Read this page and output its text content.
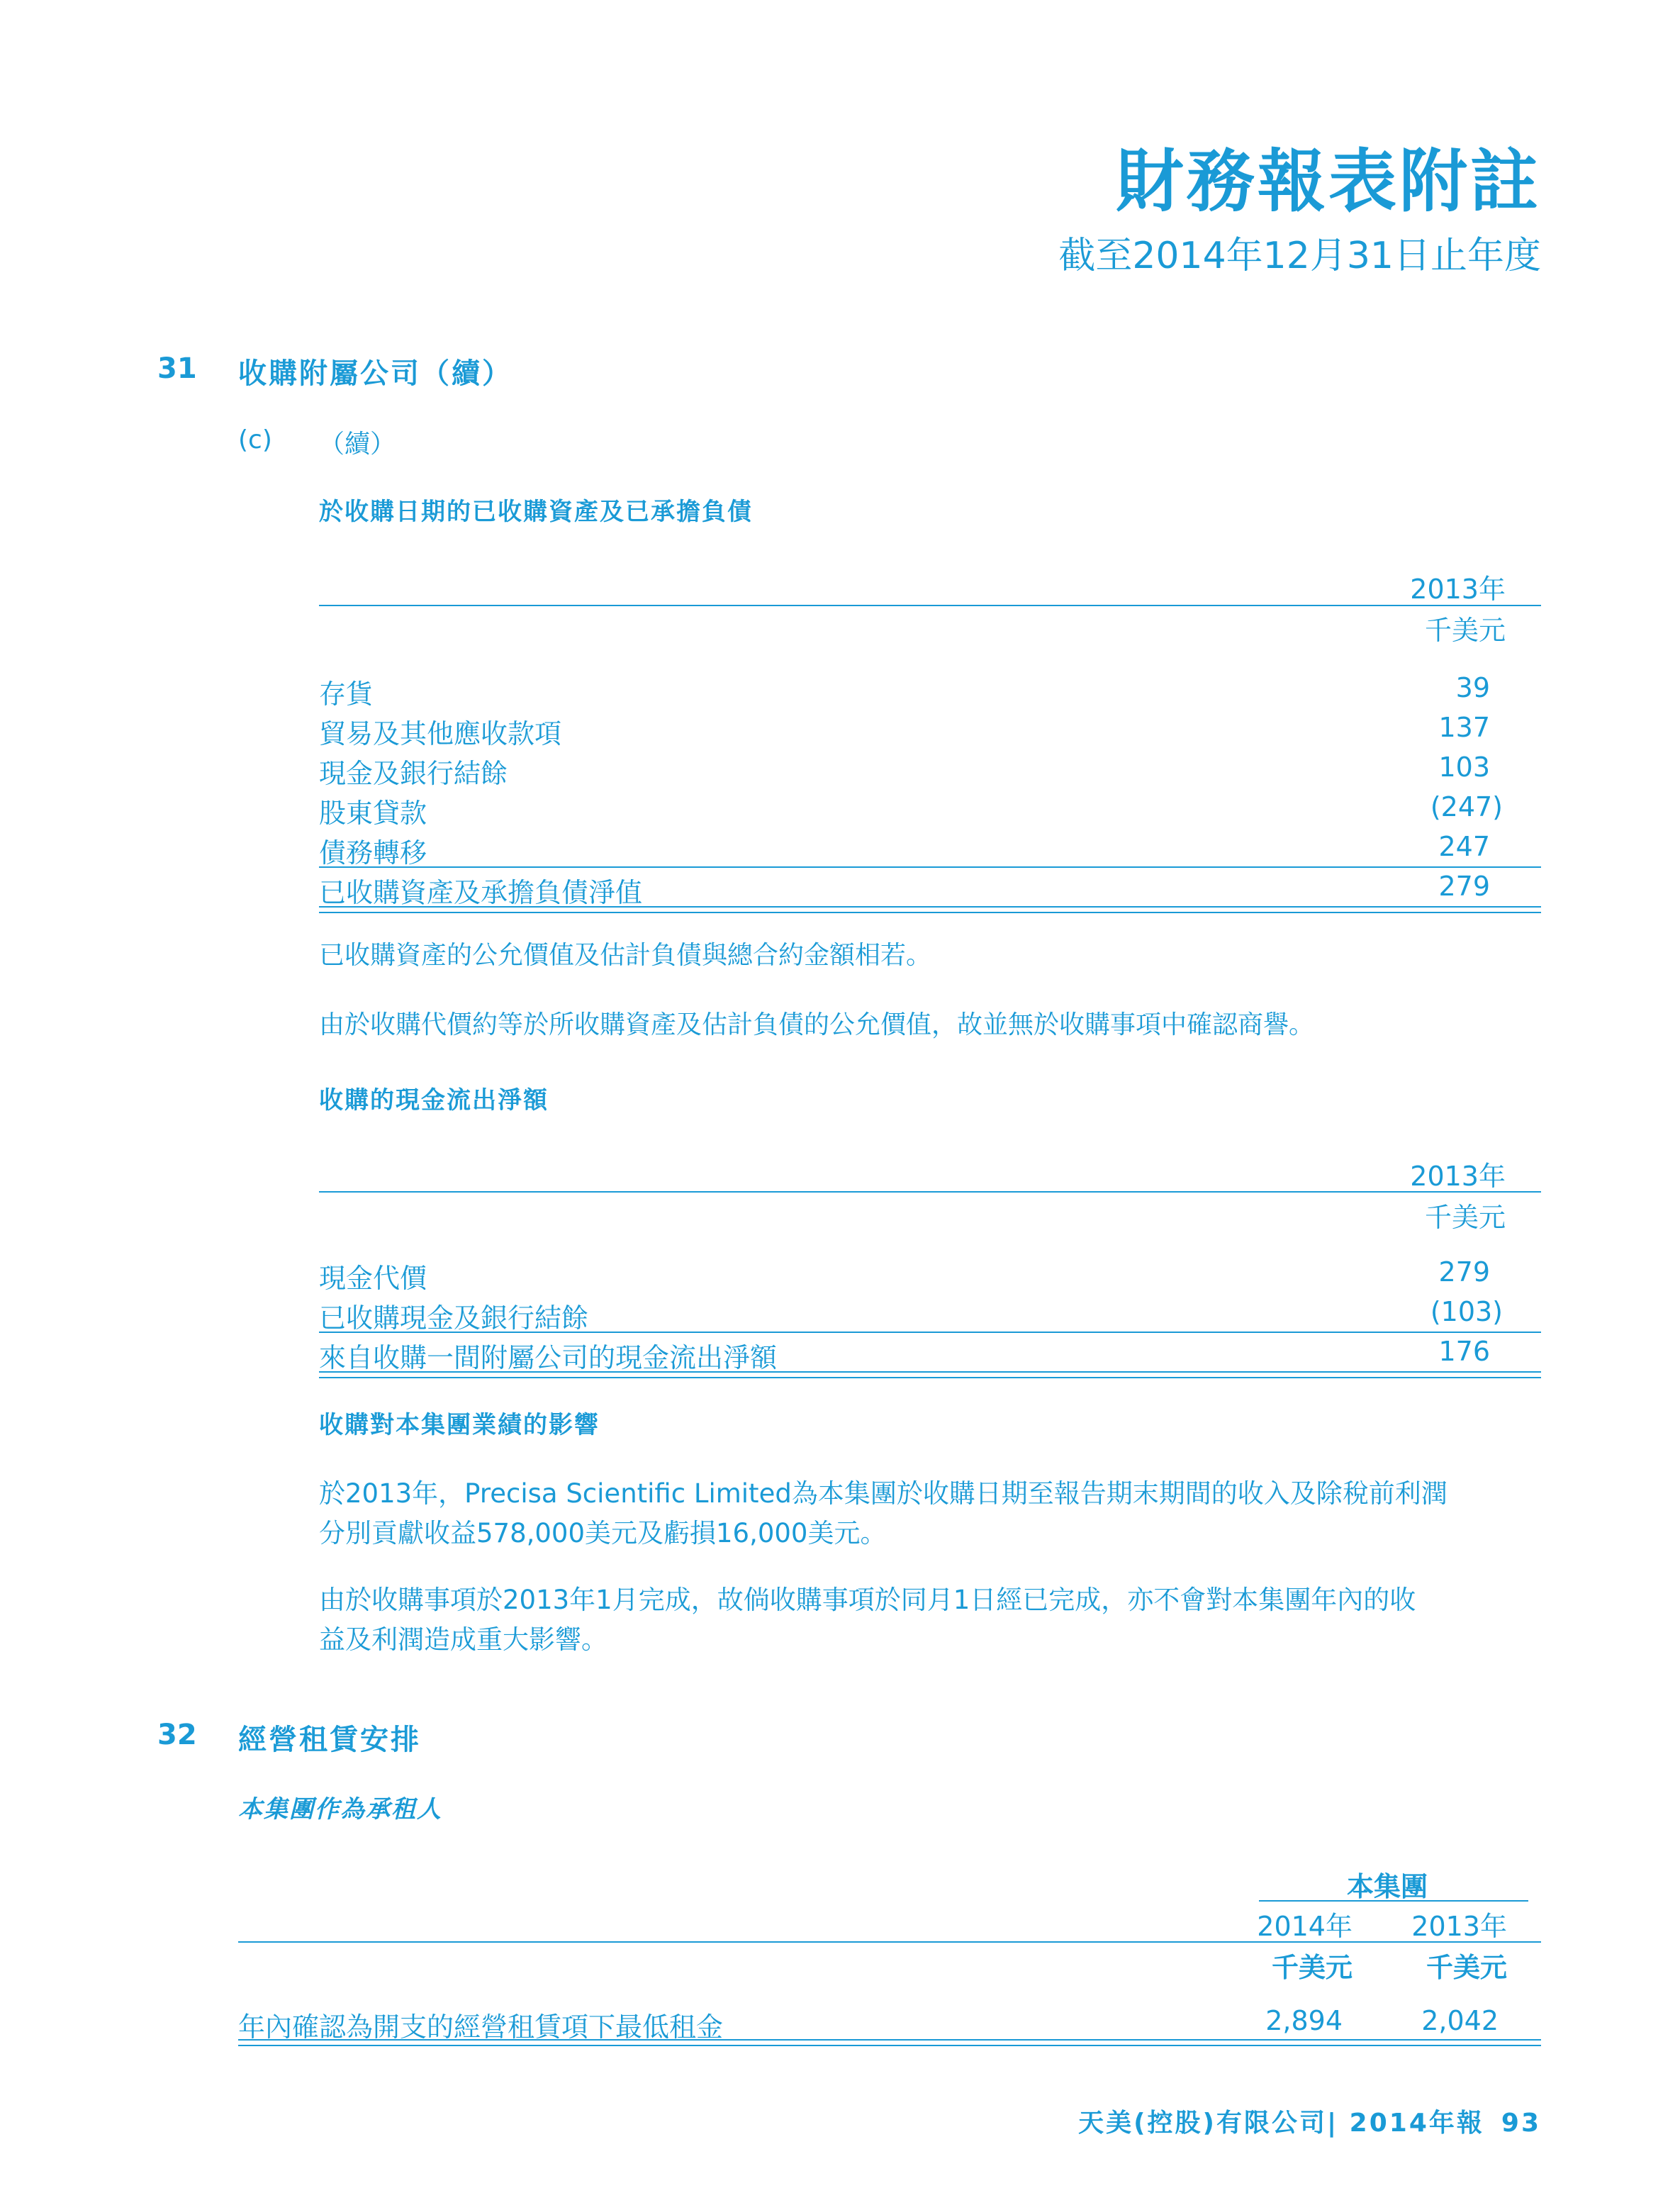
財務報表附註
截至2014年12月31日止年度
31 收購附屬公司（續）
(c) （續）
於收購日期的已收購資產及已承擔負債
2013年
千美元
存貨	39
貿易及其他應收款項	137
現金及銀行結餘	103
股東貸款	(247)
債務轉移	247
已收購資產及承擔負債淨值	279
已收購資產的公允價值及估計負債與總合約金額相若。
由於收購代價約等於所收購資產及估計負債的公允價值，故並無於收購事項中確認商譽。
收購的現金流出淨額
2013年
千美元
現金代價	279
已收購現金及銀行結餘	(103)
來自收購一間附屬公司的現金流出淨額	176
收購對本集團業績的影響
於2013年，Precisa Scientific Limited為本集團於收購日期至報告期末期間的收入及除稅前利潤
分別貢獻收益578,000美元及虧損16,000美元。
由於收購事項於2013年1月完成，故倘收購事項於同月1日經已完成，亦不會對本集團年內的收
益及利潤造成重大影響。
32 經營租賃安排
本集團作為承租人
本集團
2014年 2013年
千美元	千美元
年內確認為開支的經營租賃項下最低租金	2,894	2,042
天美(控股)有限公司| 2014年報 93
